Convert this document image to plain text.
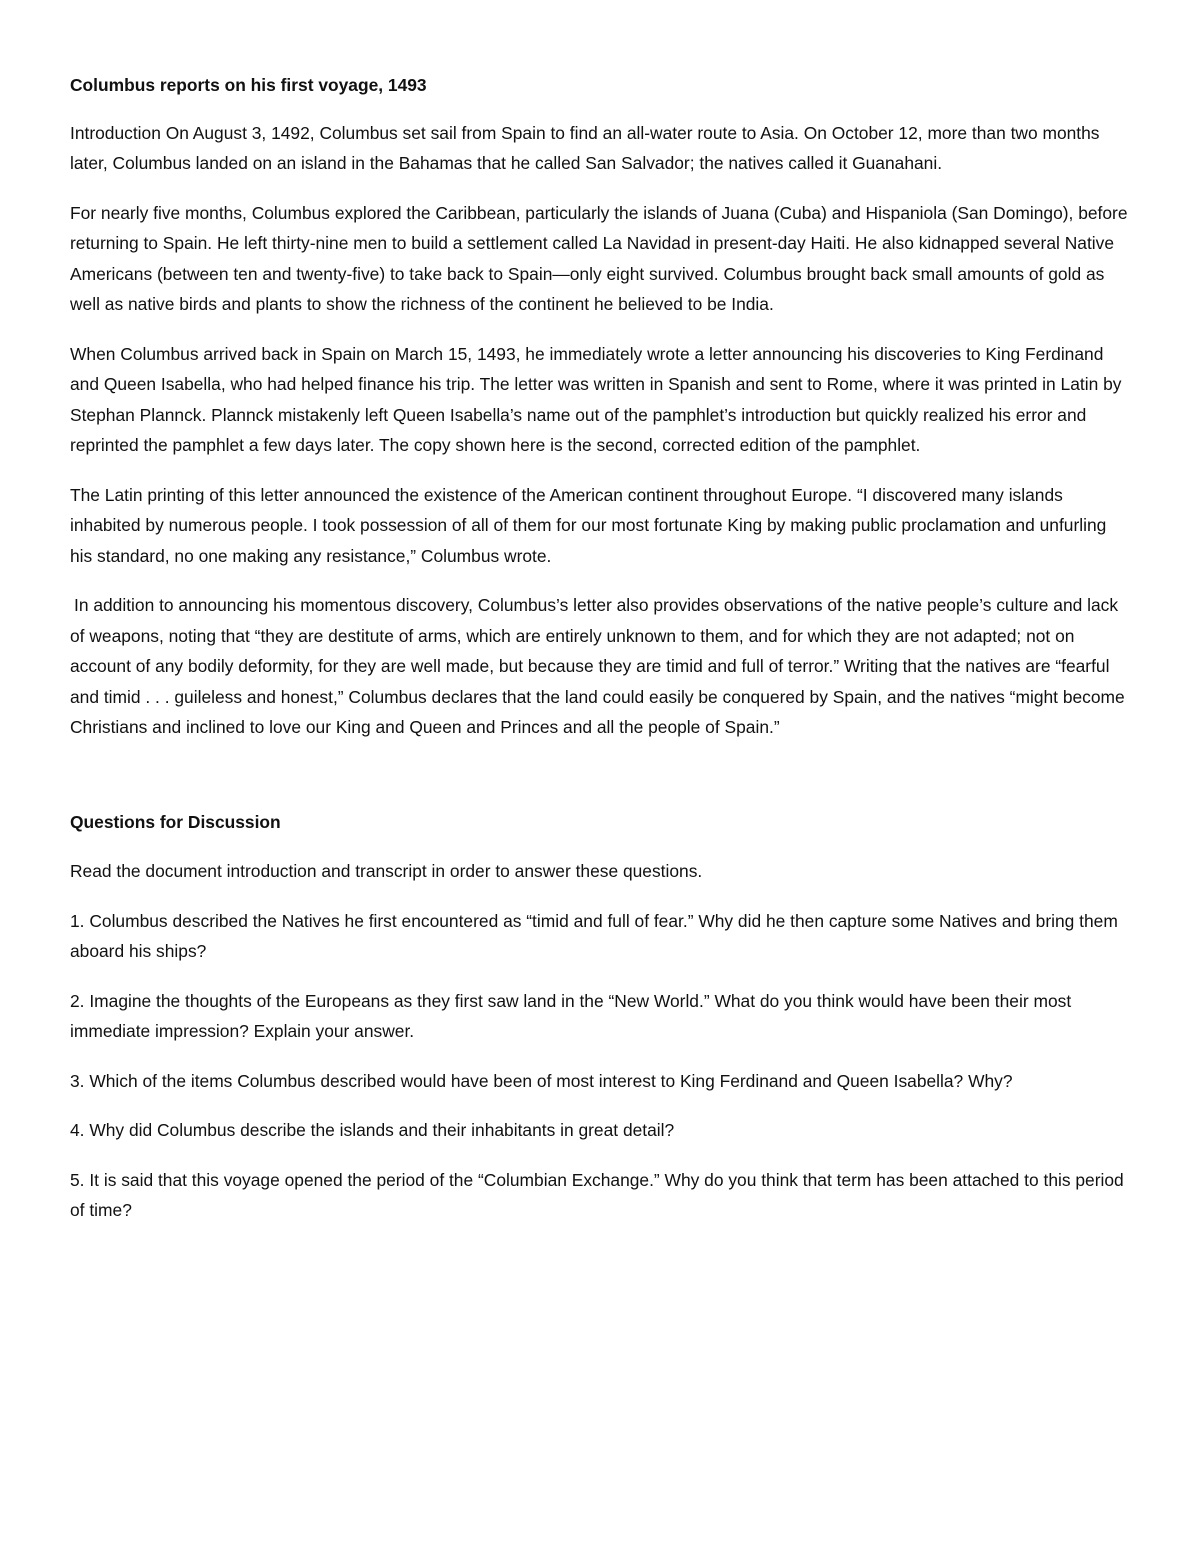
Columbus reports on his first voyage, 1493

Introduction On August 3, 1492, Columbus set sail from Spain to find an all-water route to Asia. On October 12, more than two months later, Columbus landed on an island in the Bahamas that he called San Salvador; the natives called it Guanahani.

For nearly five months, Columbus explored the Caribbean, particularly the islands of Juana (Cuba) and Hispaniola (San Domingo), before returning to Spain. He left thirty-nine men to build a settlement called La Navidad in present-day Haiti. He also kidnapped several Native Americans (between ten and twenty-five) to take back to Spain—only eight survived. Columbus brought back small amounts of gold as well as native birds and plants to show the richness of the continent he believed to be India.

When Columbus arrived back in Spain on March 15, 1493, he immediately wrote a letter announcing his discoveries to King Ferdinand and Queen Isabella, who had helped finance his trip. The letter was written in Spanish and sent to Rome, where it was printed in Latin by Stephan Plannck. Plannck mistakenly left Queen Isabella’s name out of the pamphlet’s introduction but quickly realized his error and reprinted the pamphlet a few days later. The copy shown here is the second, corrected edition of the pamphlet.

The Latin printing of this letter announced the existence of the American continent throughout Europe. “I discovered many islands inhabited by numerous people. I took possession of all of them for our most fortunate King by making public proclamation and unfurling his standard, no one making any resistance,” Columbus wrote.

In addition to announcing his momentous discovery, Columbus’s letter also provides observations of the native people’s culture and lack of weapons, noting that “they are destitute of arms, which are entirely unknown to them, and for which they are not adapted; not on account of any bodily deformity, for they are well made, but because they are timid and full of terror.” Writing that the natives are “fearful and timid . . . guileless and honest,” Columbus declares that the land could easily be conquered by Spain, and the natives “might become Christians and inclined to love our King and Queen and Princes and all the people of Spain.”

Questions for Discussion

Read the document introduction and transcript in order to answer these questions.

1. Columbus described the Natives he first encountered as “timid and full of fear.” Why did he then capture some Natives and bring them aboard his ships?

2. Imagine the thoughts of the Europeans as they first saw land in the “New World.” What do you think would have been their most immediate impression? Explain your answer.

3. Which of the items Columbus described would have been of most interest to King Ferdinand and Queen Isabella? Why?

4. Why did Columbus describe the islands and their inhabitants in great detail?

5. It is said that this voyage opened the period of the “Columbian Exchange.” Why do you think that term has been attached to this period of time?
